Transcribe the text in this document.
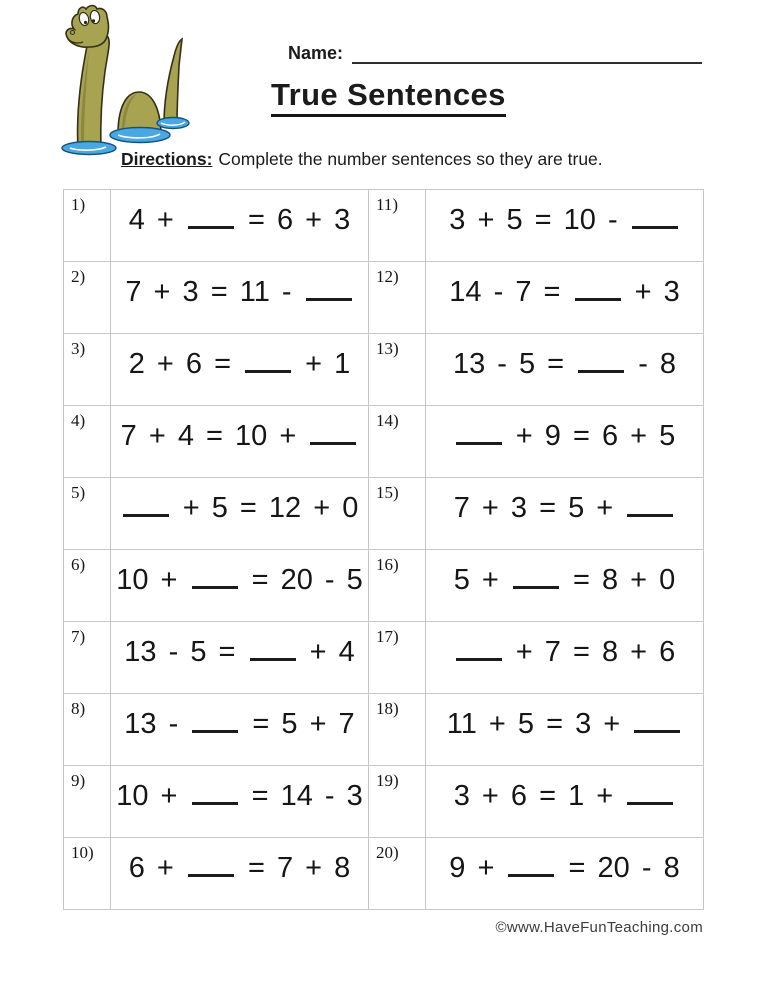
Name:
True Sentences
Directions: Complete the number sentences so they are true.
1)	4 +  = 6 + 3	11)	3 + 5 = 10 -
2)	7 + 3 = 11 -	12)	14 - 7 =  + 3
3)	2 + 6 =  + 1	13)	13 - 5 =  - 8
4)	7 + 4 = 10 +	14)	+ 9 = 6 + 5
5)	+ 5 = 12 + 0	15)	7 + 3 = 5 +
6)	10 +  = 20 - 5	16)	5 +  = 8 + 0
7)	13 - 5 =  + 4	17)	+ 7 = 8 + 6
8)	13 -  = 5 + 7	18)	11 + 5 = 3 +
9)	10 +  = 14 - 3	19)	3 + 6 = 1 +
10)	6 +  = 7 + 8	20)	9 +  = 20 - 8
©www.HaveFunTeaching.com
